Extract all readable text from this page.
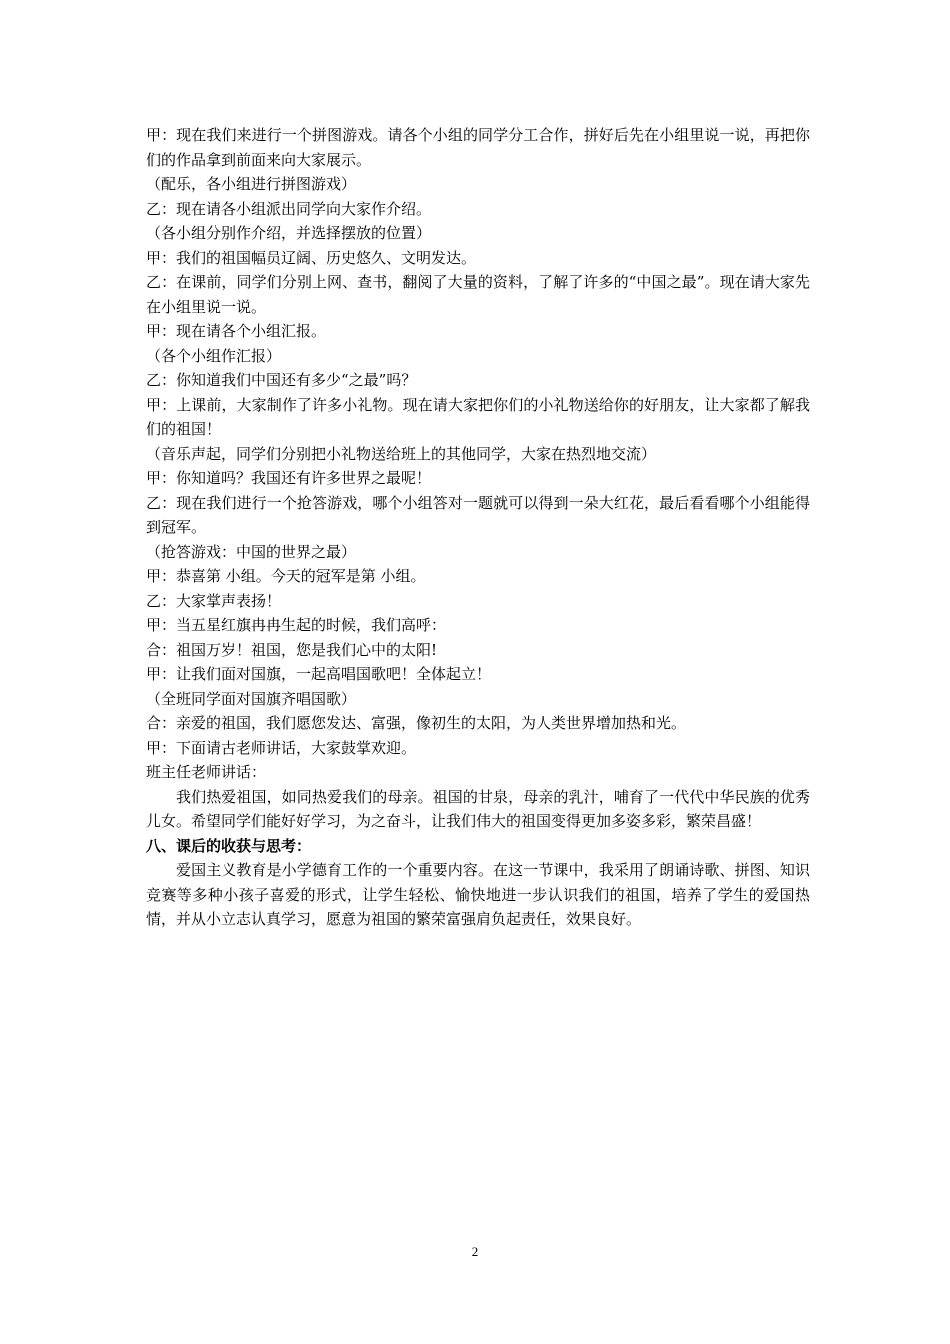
甲：现在我们来进行一个拼图游戏。请各个小组的同学分工合作，拼好后先在小组里说一说，再把你们的作品拿到前面来向大家展示。
（配乐，各小组进行拼图游戏）
乙：现在请各小组派出同学向大家作介绍。
（各小组分别作介绍，并选择摆放的位置）
甲：我们的祖国幅员辽阔、历史悠久、文明发达。
乙：在课前，同学们分别上网、查书，翻阅了大量的资料，了解了许多的“中国之最”。现在请大家先在小组里说一说。
甲：现在请各个小组汇报。
（各个小组作汇报）
乙：你知道我们中国还有多少“之最”吗？
甲：上课前，大家制作了许多小礼物。现在请大家把你们的小礼物送给你的好朋友，让大家都了解我们的祖国！
（音乐声起，同学们分别把小礼物送给班上的其他同学，大家在热烈地交流）
甲：你知道吗？我国还有许多世界之最呢！
乙：现在我们进行一个抢答游戏，哪个小组答对一题就可以得到一朵大红花，最后看看哪个小组能得到冠军。
（抢答游戏：中国的世界之最）
甲：恭喜第 小组。今天的冠军是第 小组。
乙：大家掌声表扬！
甲：当五星红旗冉冉生起的时候，我们高呼：
合：祖国万岁！祖国，您是我们心中的太阳!
甲：让我们面对国旗，一起高唱国歌吧！全体起立！
（全班同学面对国旗齐唱国歌）
合：亲爱的祖国，我们愿您发达、富强，像初生的太阳，为人类世界增加热和光。
甲：下面请古老师讲话，大家鼓掌欢迎。
班主任老师讲话：
我们热爱祖国，如同热爱我们的母亲。祖国的甘泉，母亲的乳汁，哺育了一代代中华民族的优秀儿女。希望同学们能好好学习，为之奋斗，让我们伟大的祖国变得更加多姿多彩，繁荣昌盛！
八、课后的收获与思考：
爱国主义教育是小学德育工作的一个重要内容。在这一节课中，我采用了朗诵诗歌、拼图、知识竞赛等多种小孩子喜爱的形式，让学生轻松、愉快地进一步认识我们的祖国，培养了学生的爱国热情，并从小立志认真学习，愿意为祖国的繁荣富强肩负起责任，效果良好。
2
